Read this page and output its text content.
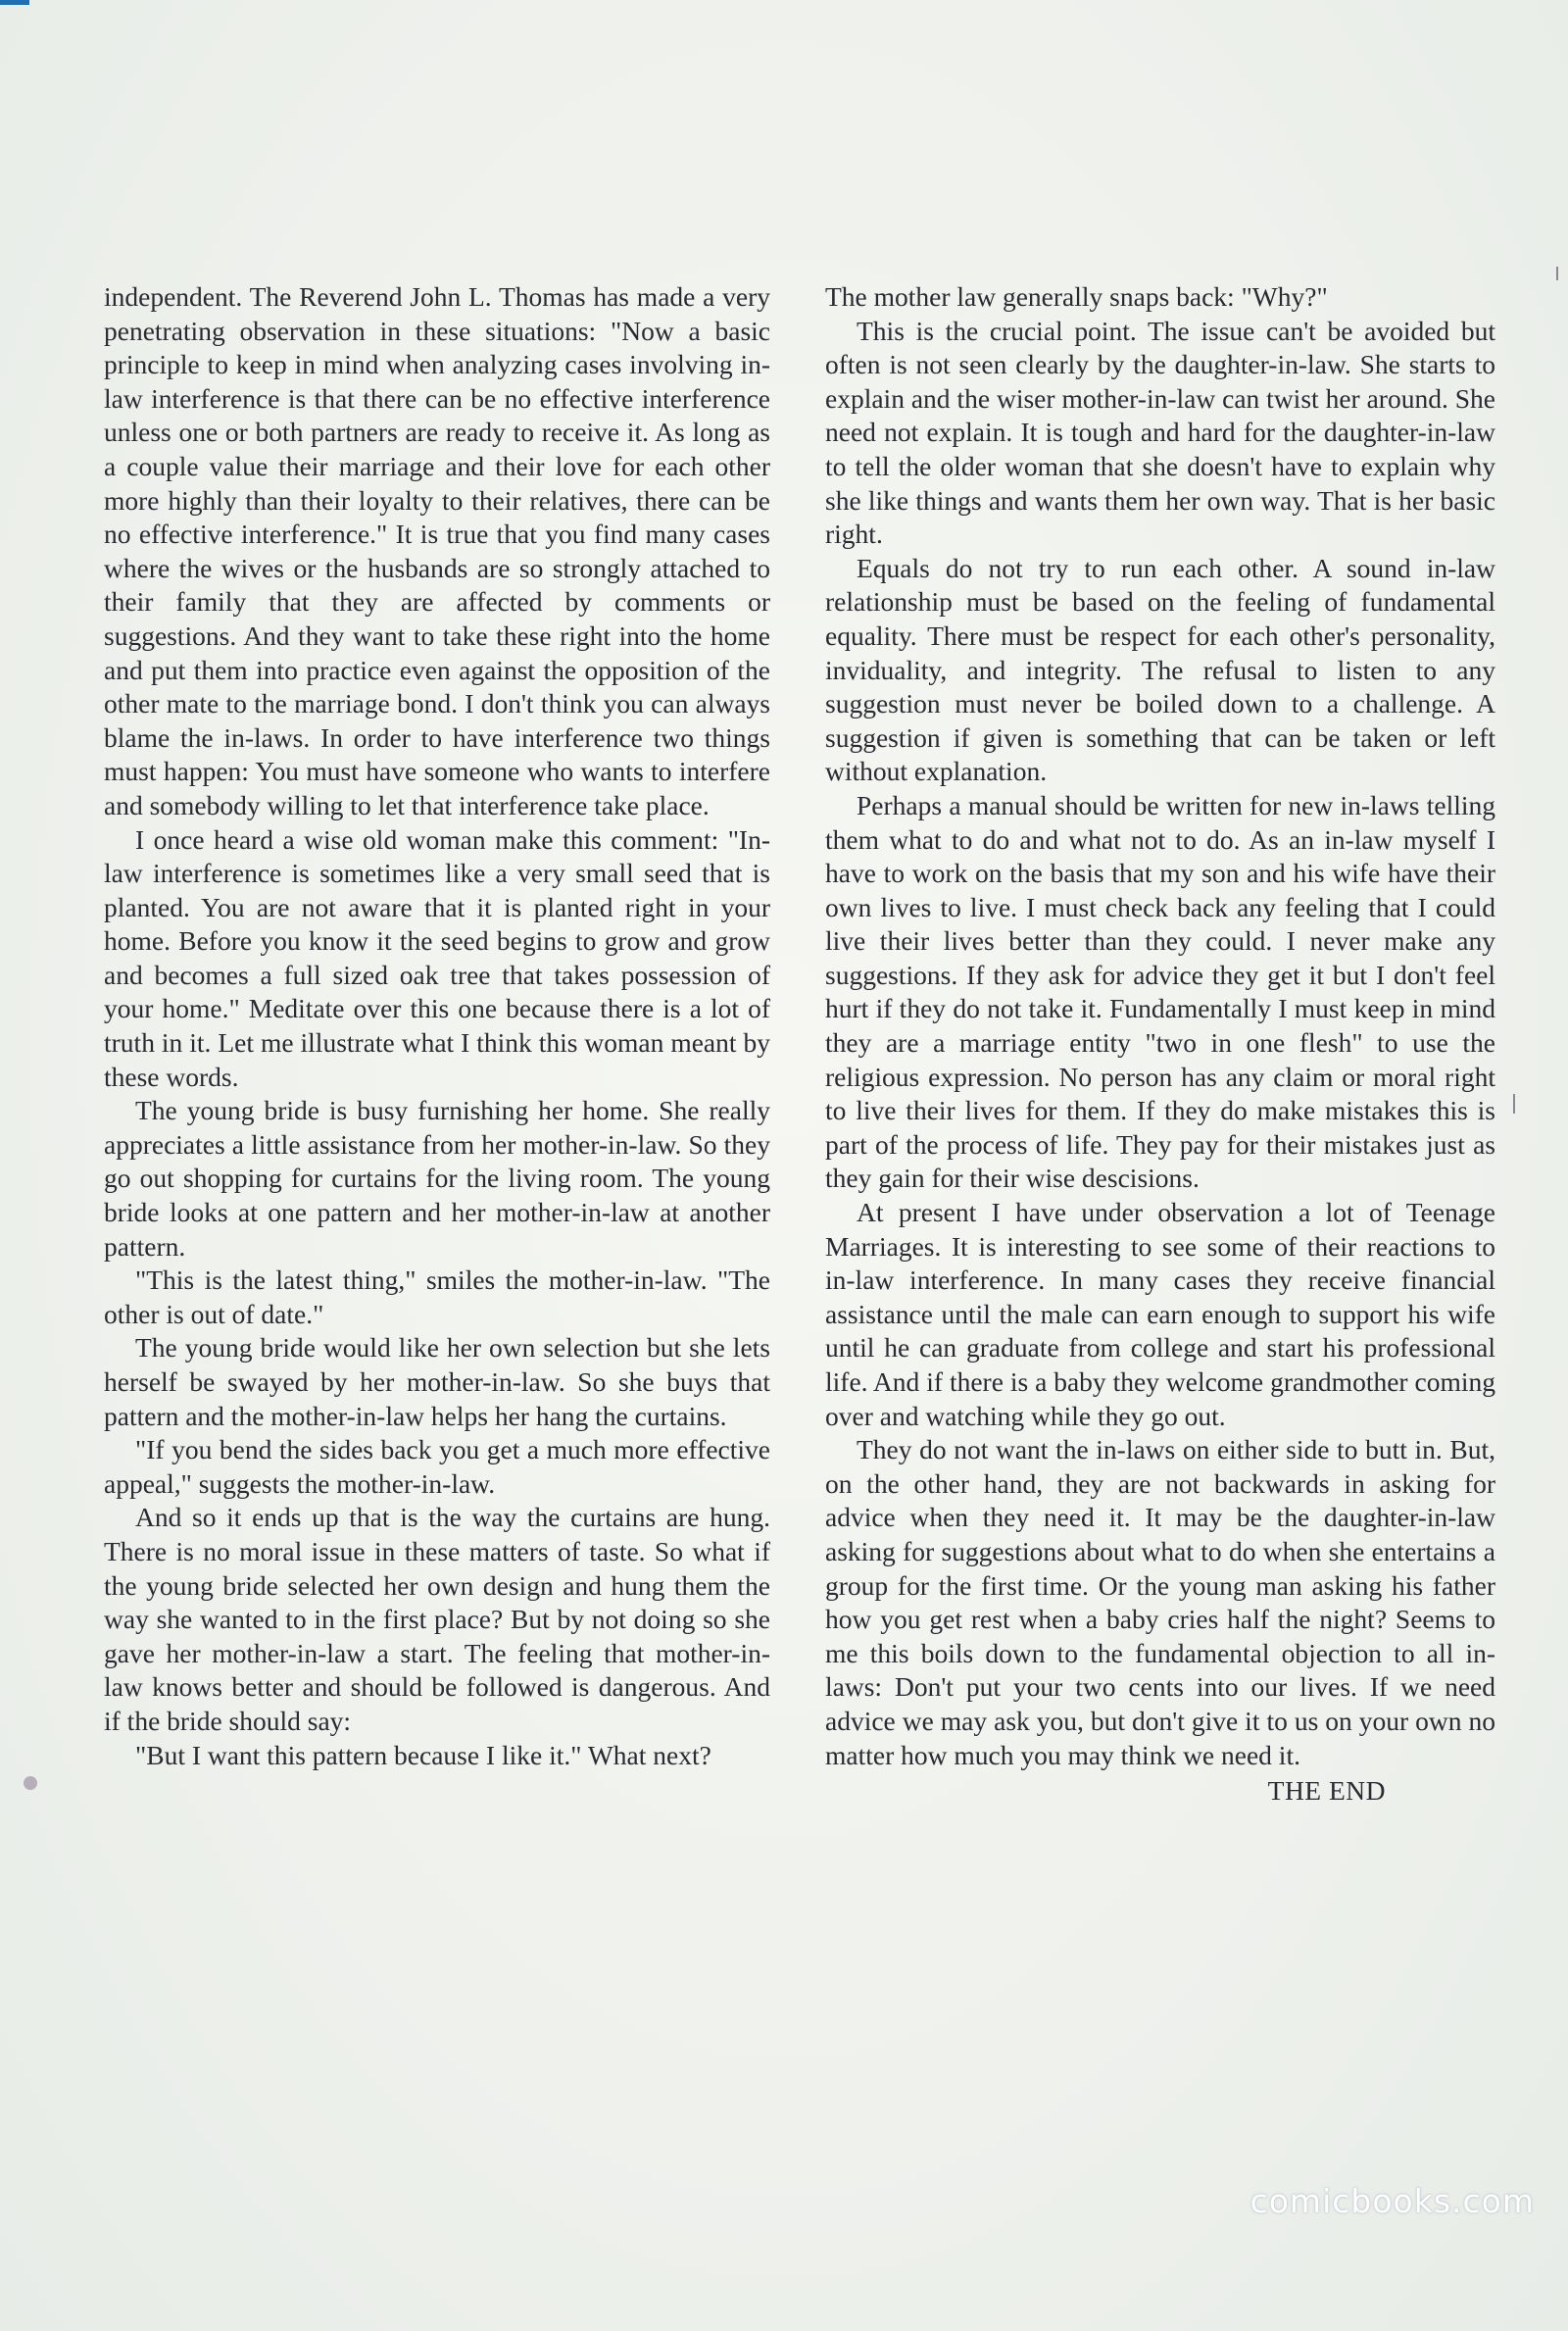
independent. The Reverend John L. Thomas has made a very penetrating observation in these situations: "Now a basic principle to keep in mind when analyzing cases involving in-law interference is that there can be no effective interference unless one or both partners are ready to receive it. As long as a couple value their marriage and their love for each other more highly than their loyalty to their relatives, there can be no effective interference." It is true that you find many cases where the wives or the husbands are so strongly attached to their family that they are affected by comments or suggestions. And they want to take these right into the home and put them into practice even against the opposition of the other mate to the marriage bond. I don't think you can always blame the in-laws. In order to have interference two things must happen: You must have someone who wants to interfere and somebody willing to let that interference take place.

I once heard a wise old woman make this comment: "In-law interference is sometimes like a very small seed that is planted. You are not aware that it is planted right in your home. Before you know it the seed begins to grow and grow and becomes a full sized oak tree that takes possession of your home." Meditate over this one because there is a lot of truth in it. Let me illustrate what I think this woman meant by these words.

The young bride is busy furnishing her home. She really appreciates a little assistance from her mother-in-law. So they go out shopping for curtains for the living room. The young bride looks at one pattern and her mother-in-law at another pattern.

"This is the latest thing," smiles the mother-in-law. "The other is out of date."

The young bride would like her own selection but she lets herself be swayed by her mother-in-law. So she buys that pattern and the mother-in-law helps her hang the curtains.

"If you bend the sides back you get a much more effective appeal," suggests the mother-in-law.

And so it ends up that is the way the curtains are hung. There is no moral issue in these matters of taste. So what if the young bride selected her own design and hung them the way she wanted to in the first place? But by not doing so she gave her mother-in-law a start. The feeling that mother-in-law knows better and should be followed is dangerous. And if the bride should say:

"But I want this pattern because I like it." What next?

The mother law generally snaps back: "Why?"

This is the crucial point. The issue can't be avoided but often is not seen clearly by the daughter-in-law. She starts to explain and the wiser mother-in-law can twist her around. She need not explain. It is tough and hard for the daughter-in-law to tell the older woman that she doesn't have to explain why she like things and wants them her own way. That is her basic right.

Equals do not try to run each other. A sound in-law relationship must be based on the feeling of fundamental equality. There must be respect for each other's personality, inviduality, and integrity. The refusal to listen to any suggestion must never be boiled down to a challenge. A suggestion if given is something that can be taken or left without explanation.

Perhaps a manual should be written for new in-laws telling them what to do and what not to do. As an in-law myself I have to work on the basis that my son and his wife have their own lives to live. I must check back any feeling that I could live their lives better than they could. I never make any suggestions. If they ask for advice they get it but I don't feel hurt if they do not take it. Fundamentally I must keep in mind they are a marriage entity "two in one flesh" to use the religious expression. No person has any claim or moral right to live their lives for them. If they do make mistakes this is part of the process of life. They pay for their mistakes just as they gain for their wise descisions.

At present I have under observation a lot of Teenage Marriages. It is interesting to see some of their reactions to in-law interference. In many cases they receive financial assistance until the male can earn enough to support his wife until he can graduate from college and start his professional life. And if there is a baby they welcome grandmother coming over and watching while they go out.

They do not want the in-laws on either side to butt in. But, on the other hand, they are not backwards in asking for advice when they need it. It may be the daughter-in-law asking for suggestions about what to do when she entertains a group for the first time. Or the young man asking his father how you get rest when a baby cries half the night? Seems to me this boils down to the fundamental objection to all in-laws: Don't put your two cents into our lives. If we need advice we may ask you, but don't give it to us on your own no matter how much you may think we need it.

THE END
comicbooks.com
